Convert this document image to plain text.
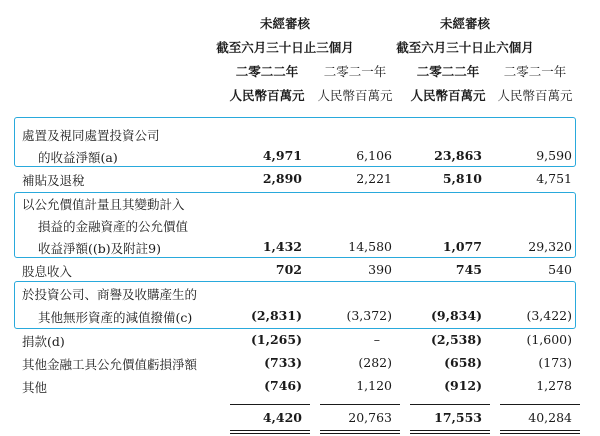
未經審核	未經審核
截至六月三十日止三個月	截至六月三十日止六個月
二零二二年	二零二一年	二零二二年	二零二一年
人民幣百萬元	人民幣百萬元	人民幣百萬元 人民幣百萬元
處置及視同處置投資公司
的收益淨額(a)	4,971	6,106	23,863	9,590
補貼及退稅	2,890	2,221	5,810	4,751
以公允價值計量且其變動計入
損益的金融資產的公允價值
收益淨額((b)及附註9)	1,432	14,580	1,077	29,320
股息收入	702	390	745	540
於投資公司、商譽及收購產生的
其他無形資產的減值撥備(c)	(2,831)	(3,372)	(9,834)	(3,422)
捐款(d)	(1,265)	–	(2,538)	(1,600)
其他金融工具公允價值虧損淨額	(733)	(282)	(658)	(173)
其他	(746)	1,120	(912)	1,278
4,420	20,763	17,553	40,284
